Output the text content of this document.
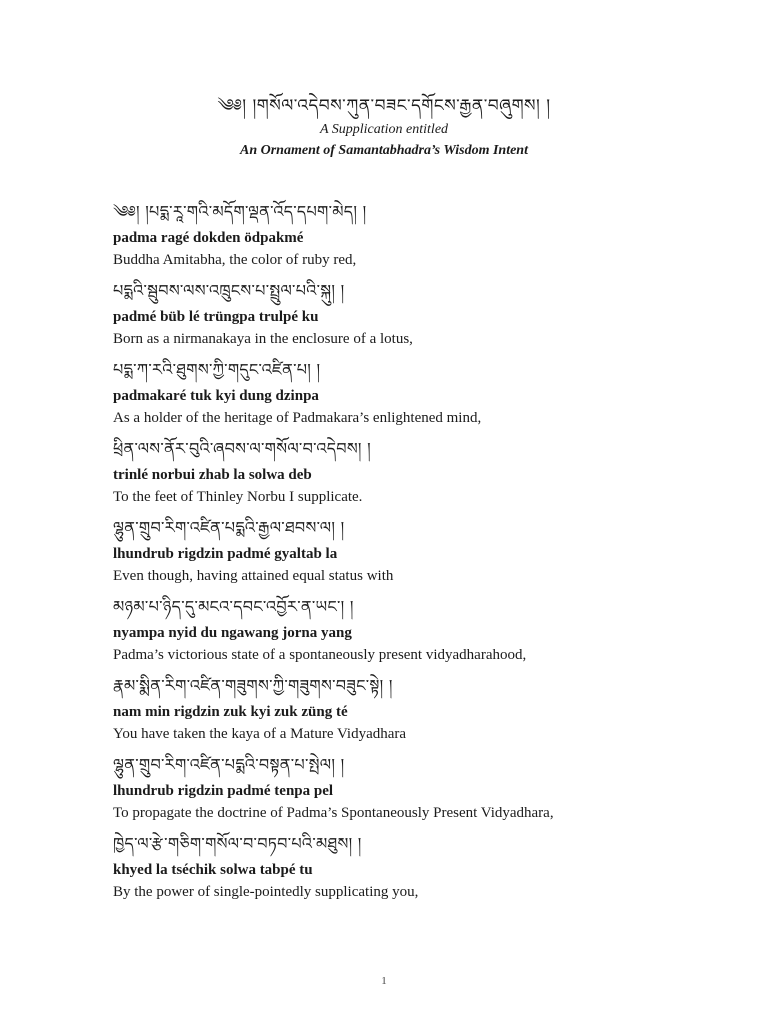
༄༅། །གསོལ་འདེབས་ཀུན་བཟང་དགོངས་རྒྱན་བཞུགས། །
A Supplication entitled
An Ornament of Samantabhadra’s Wisdom Intent
༄༅། །པདྨ་རཱ་གའི་མདོག་ལྡན་འོད་དཔག་མེད། །
padma ragé dokden ödpakmé
Buddha Amitabha, the color of ruby red,
པདྨའི་སྦུབས་ལས་འཁྲུངས་པ་སྤྲུལ་པའི་སྐུ། །
padmé büb lé trüngpa trulpé ku
Born as a nirmanakaya in the enclosure of a lotus,
པདྨ་ཀ་རའི་ཐུགས་ཀྱི་གདུང་འཛིན་པ། །
padmakaré tuk kyi dung dzinpa
As a holder of the heritage of Padmakara’s enlightened mind,
ཕྲིན་ལས་ནོར་བུའི་ཞབས་ལ་གསོལ་བ་འདེབས། །
trinlé norbui zhab la solwa deb
To the feet of Thinley Norbu I supplicate.
ལྷུན་གྲུབ་རིག་འཛིན་པདྨའི་རྒྱལ་ཐབས་ལ། །
lhundrub rigdzin padmé gyaltab la
Even though, having attained equal status with
མཉམ་པ་ཉིད་དུ་མངའ་དབང་འབྱོར་ན་ཡང་། །
nyampa nyid du ngawang jorna yang
Padma’s victorious state of a spontaneously present vidyadharahood,
རྣམ་སྨིན་རིག་འཛིན་གཟུགས་ཀྱི་གཟུགས་བཟུང་སྟེ། །
nam min rigdzin zuk kyi zuk züng té
You have taken the kaya of a Mature Vidyadhara
ལྷུན་གྲུབ་རིག་འཛིན་པདྨའི་བསྟན་པ་སྤེལ། །
lhundrub rigdzin padmé tenpa pel
To propagate the doctrine of Padma’s Spontaneously Present Vidyadhara,
ཁྱེད་ལ་རྩེ་གཅིག་གསོལ་བ་བཏབ་པའི་མཐུས། །
khyed la tséchik solwa tabpé tu
By the power of single-pointedly supplicating you,
1
